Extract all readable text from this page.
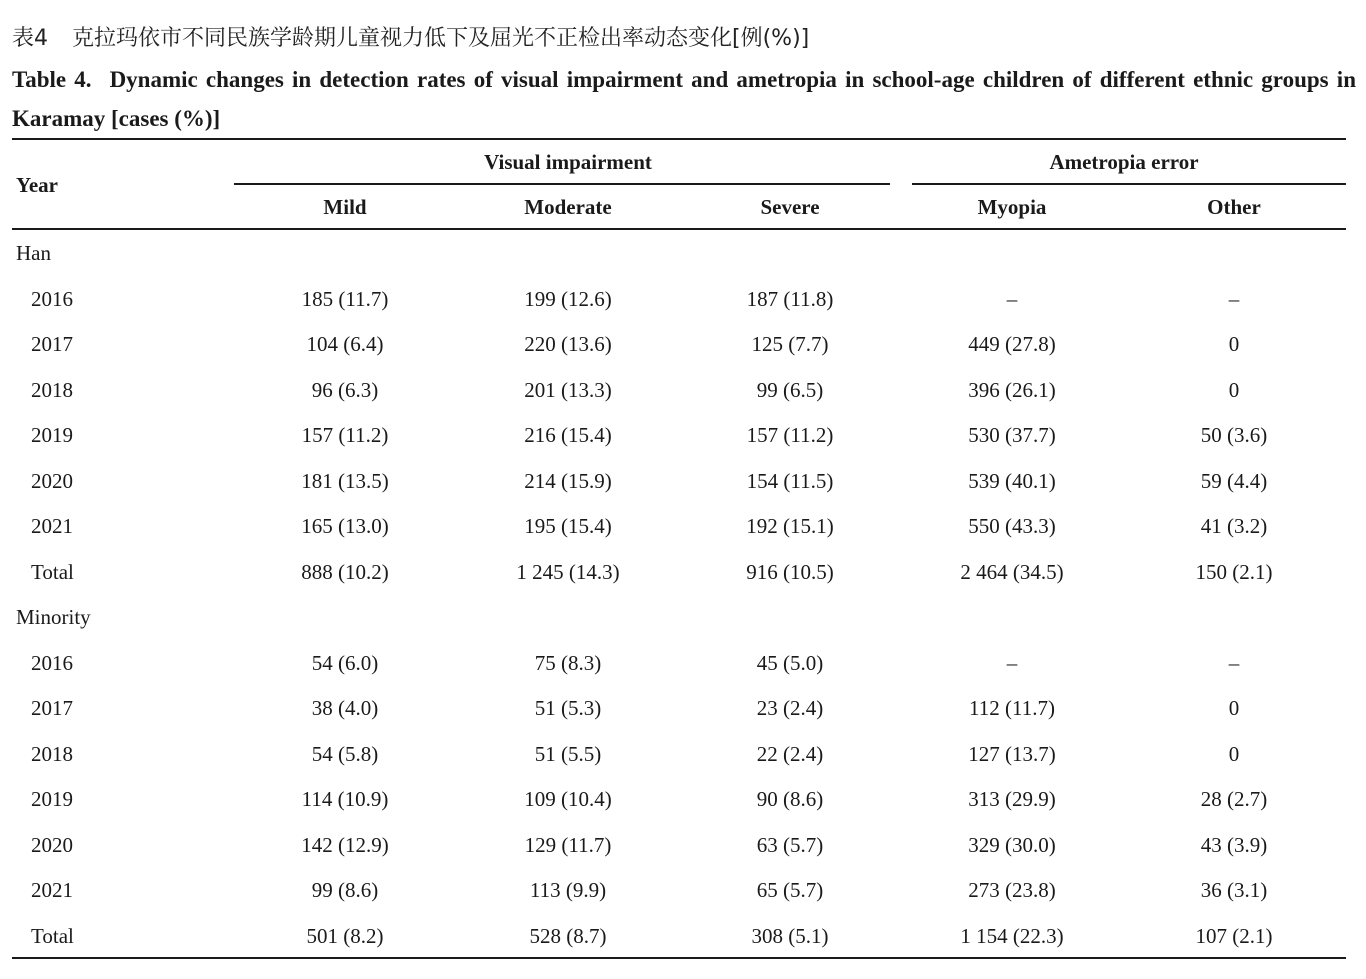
表4 克拉玛依市不同民族学龄期儿童视力低下及屈光不正检出率动态变化[例(%)]
Table 4. Dynamic changes in detection rates of visual impairment and ametropia in school-age children of different ethnic groups in Karamay [cases (%)]
Year
Visual impairment	Ametropia error
Mild	Moderate	Severe	Myopia	Other
Han
2016	185 (11.7)	199 (12.6)	187 (11.8)	–	–
2017	104 (6.4)	220 (13.6)	125 (7.7)	449 (27.8)	0
2018	96 (6.3)	201 (13.3)	99 (6.5)	396 (26.1)	0
2019	157 (11.2)	216 (15.4)	157 (11.2)	530 (37.7)	50 (3.6)
2020	181 (13.5)	214 (15.9)	154 (11.5)	539 (40.1)	59 (4.4)
2021	165 (13.0)	195 (15.4)	192 (15.1)	550 (43.3)	41 (3.2)
Total	888 (10.2)	1 245 (14.3)	916 (10.5)	2 464 (34.5)	150 (2.1)
Minority
2016	54 (6.0)	75 (8.3)	45 (5.0)	–	–
2017	38 (4.0)	51 (5.3)	23 (2.4)	112 (11.7)	0
2018	54 (5.8)	51 (5.5)	22 (2.4)	127 (13.7)	0
2019	114 (10.9)	109 (10.4)	90 (8.6)	313 (29.9)	28 (2.7)
2020	142 (12.9)	129 (11.7)	63 (5.7)	329 (30.0)	43 (3.9)
2021	99 (8.6)	113 (9.9)	65 (5.7)	273 (23.8)	36 (3.1)
Total	501 (8.2)	528 (8.7)	308 (5.1)	1 154 (22.3)	107 (2.1)
